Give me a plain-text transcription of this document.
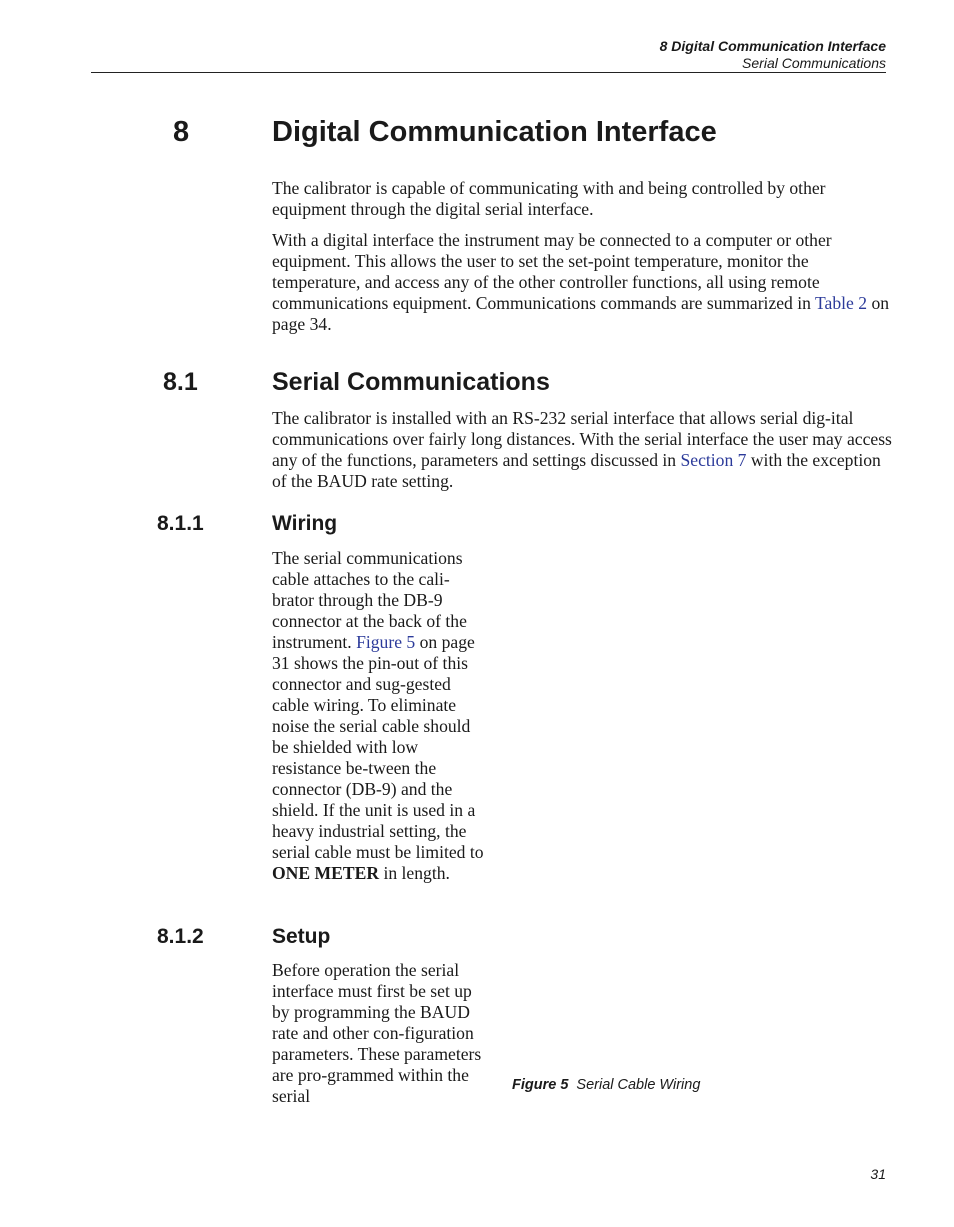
8 Digital Communication Interface
Serial Communications
8	Digital Communication Interface

The calibrator is capable of communicating with and being controlled by other equipment through the digital serial interface.

With a digital interface the instrument may be connected to a computer or other equipment. This allows the user to set the set-point temperature, monitor the temperature, and access any of the other controller functions, all using remote communications equipment. Communications commands are summarized in Table 2 on page 34.

8.1	Serial Communications

The calibrator is installed with an RS-232 serial interface that allows serial dig-ital communications over fairly long distances. With the serial interface the user may access any of the functions, parameters and settings discussed in Section 7 with the exception of the BAUD rate setting.

8.1.1	Wiring

The serial communications cable attaches to the cali-brator through the DB-9 connector at the back of the instrument. Figure 5 on page 31 shows the pin-out of this connector and sug-gested cable wiring. To eliminate noise the serial cable should be shielded with low resistance be-tween the connector (DB-9) and the shield. If the unit is used in a heavy industrial setting, the serial cable must be limited to ONE METER in length.

8.1.2	Setup

Before operation the serial interface must first be set up by programming the BAUD rate and other con-figuration parameters. These parameters are pro-grammed within the serial

Figure 5 Serial Cable Wiring
31
